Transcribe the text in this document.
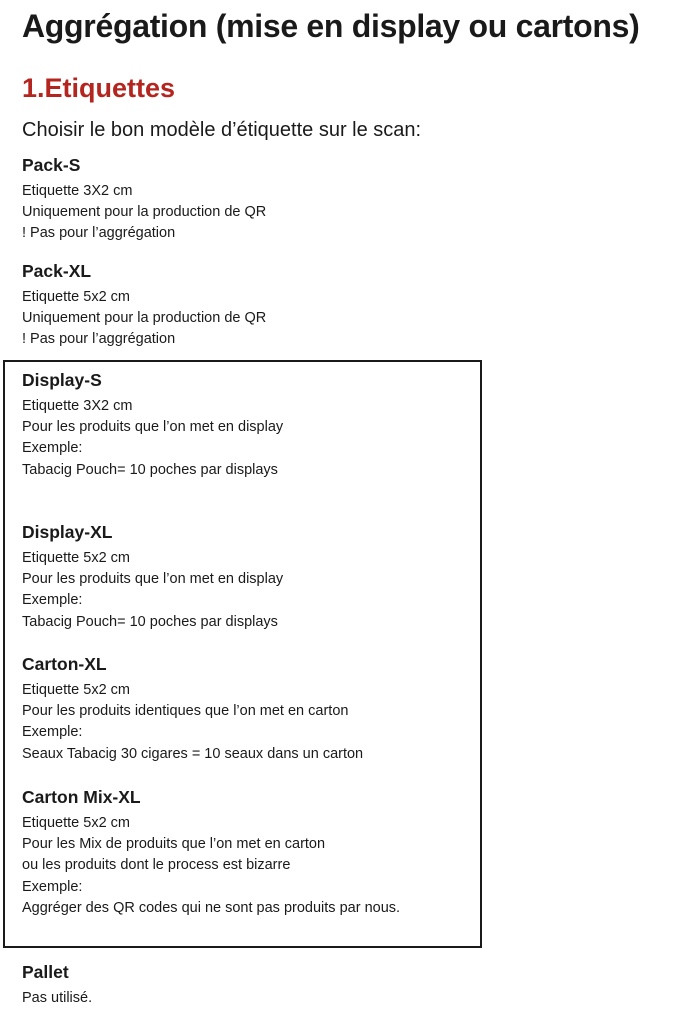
Aggrégation (mise en display ou cartons)
1.Etiquettes

Choisir le bon modèle d’étiquette sur le scan:

Pack-S
Etiquette 3X2 cm
Uniquement pour la production de QR
! Pas pour l’aggrégation
Pack-XL
Etiquette 5x2 cm
Uniquement pour la production de QR
! Pas pour l’aggrégation
Display-S
Etiquette 3X2 cm
Pour les produits que l’on met en display
Exemple:
Tabacig Pouch= 10 poches par displays
Display-XL
Etiquette 5x2 cm
Pour les produits que l’on met en display
Exemple:
Tabacig Pouch= 10 poches par displays
Carton-XL
Etiquette 5x2 cm
Pour les produits identiques que l’on met en carton
Exemple:
Seaux Tabacig 30 cigares = 10 seaux dans un carton
Carton Mix-XL
Etiquette 5x2 cm
Pour les Mix de produits que l’on met en carton
ou les produits dont le process est bizarre
Exemple:
Aggréger des QR codes qui ne sont pas produits par nous.
Pallet
Pas utilisé.
